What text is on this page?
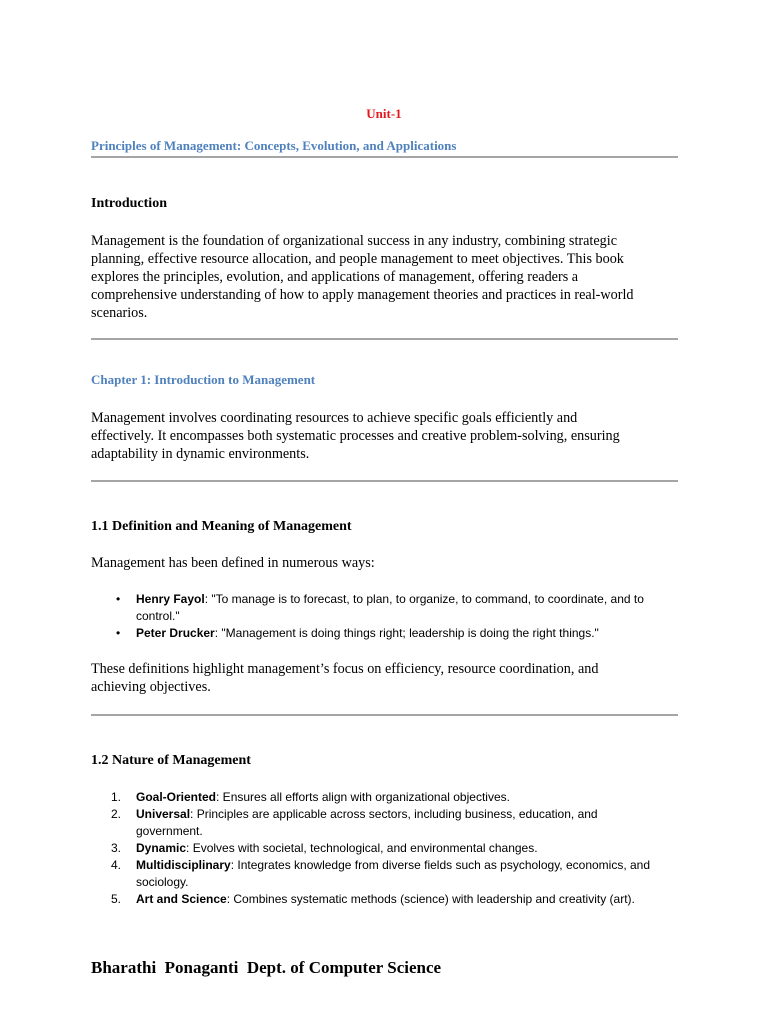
Unit-1
Principles of Management: Concepts, Evolution, and Applications
Introduction
Management is the foundation of organizational success in any industry, combining strategic
planning, effective resource allocation, and people management to meet objectives. This book
explores the principles, evolution, and applications of management, offering readers a
comprehensive understanding of how to apply management theories and practices in real-world
scenarios.
Chapter 1: Introduction to Management
Management involves coordinating resources to achieve specific goals efficiently and
effectively. It encompasses both systematic processes and creative problem-solving, ensuring
adaptability in dynamic environments.
1.1 Definition and Meaning of Management
Management has been defined in numerous ways:
• Henry Fayol: "To manage is to forecast, to plan, to organize, to command, to coordinate, and to
control."
• Peter Drucker: "Management is doing things right; leadership is doing the right things."
These definitions highlight management’s focus on efficiency, resource coordination, and
achieving objectives.
1.2 Nature of Management
1. Goal-Oriented: Ensures all efforts align with organizational objectives.
2. Universal: Principles are applicable across sectors, including business, education, and
government.
3. Dynamic: Evolves with societal, technological, and environmental changes.
4. Multidisciplinary: Integrates knowledge from diverse fields such as psychology, economics, and
sociology.
5. Art and Science: Combines systematic methods (science) with leadership and creativity (art).
Bharathi  Ponaganti  Dept. of Computer Science
